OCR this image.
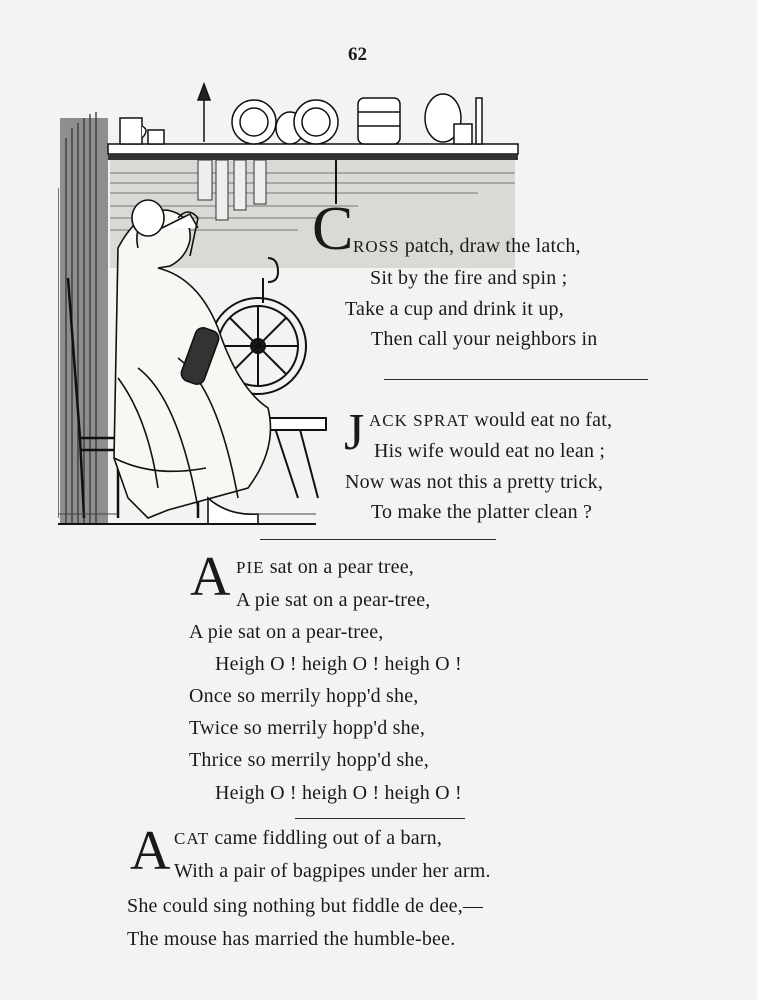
62
C ROSS patch, draw the latch,
Sit by the fire and spin ;
Take a cup and drink it up,
Then call your neighbors in
J ACK SPRAT would eat no fat,
His wife would eat no lean ;
Now was not this a pretty trick,
To make the platter clean ?
A PIE sat on a pear tree,
A pie sat on a pear-tree,
A pie sat on a pear-tree,
Heigh O ! heigh O ! heigh O !
Once so merrily hopp'd she,
Twice so merrily hopp'd she,
Thrice so merrily hopp'd she,
Heigh O ! heigh O ! heigh O !
A CAT came fiddling out of a barn,
With a pair of bagpipes under her arm.
She could sing nothing but fiddle de dee,—
The mouse has married the humble-bee.
